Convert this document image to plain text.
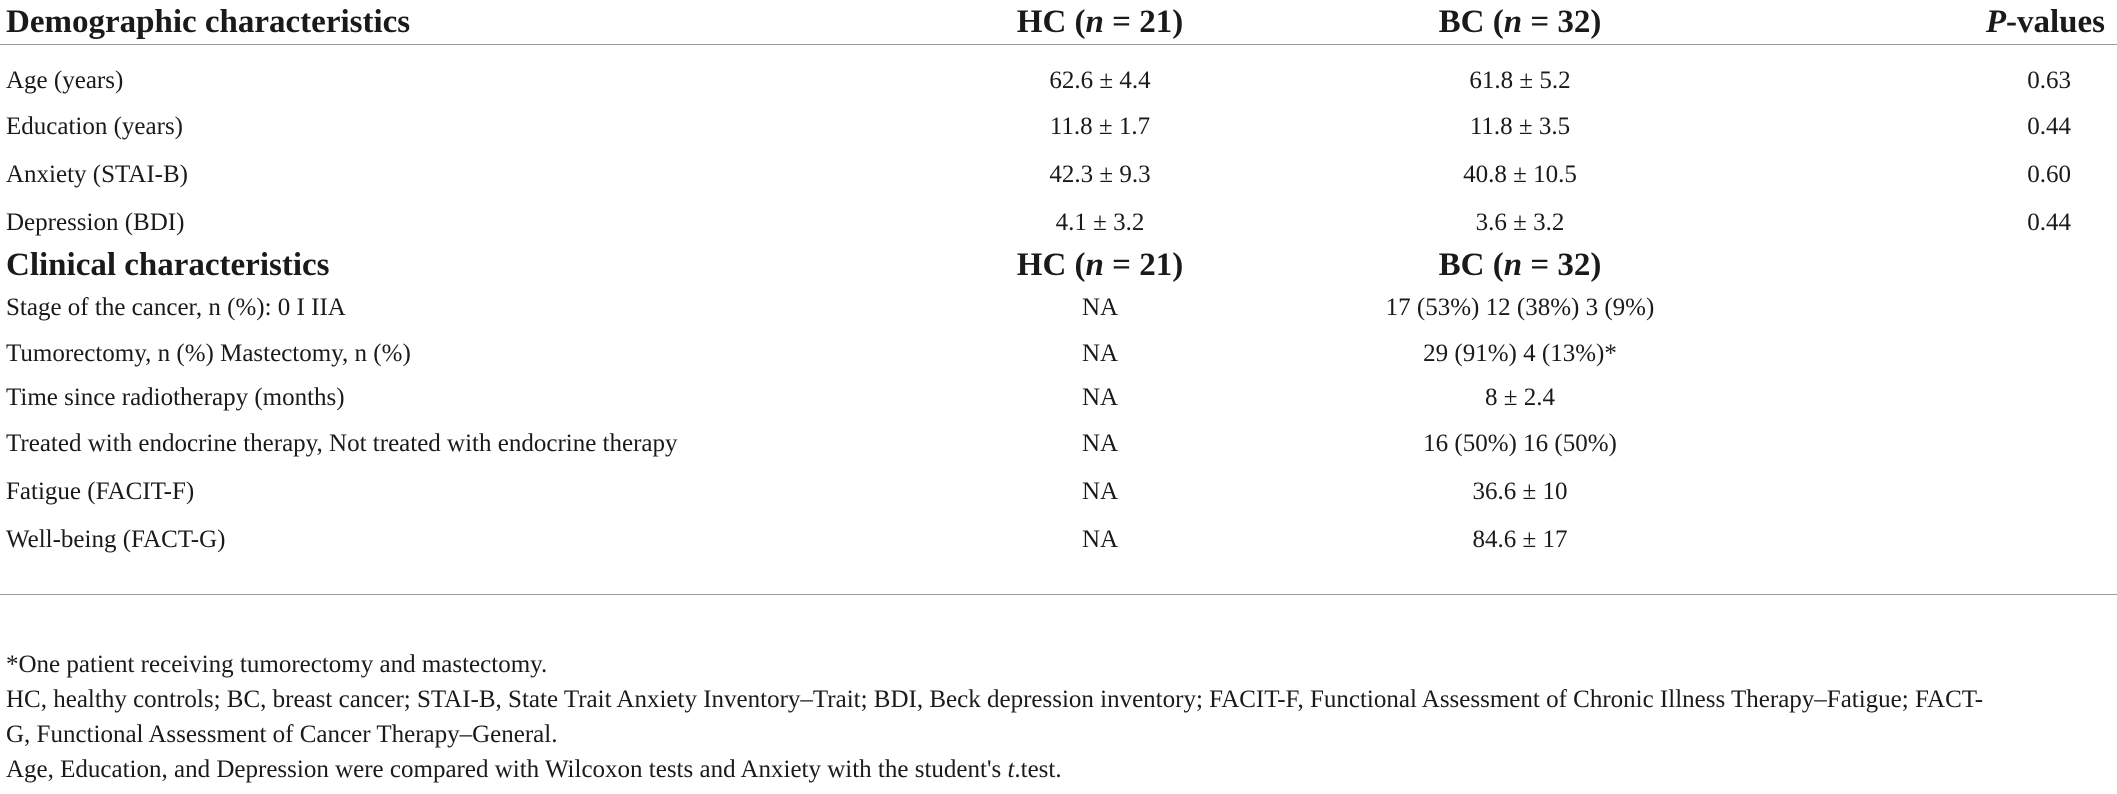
Demographic characteristics	HC (n = 21)	BC (n = 32)	P-values

Age (years)	62.6 ± 4.4	61.8 ± 5.2	0.63
Education (years)	11.8 ± 1.7	11.8 ± 3.5	0.44
Anxiety (STAI-B)	42.3 ± 9.3	40.8 ± 10.5	0.60
Depression (BDI)	4.1 ± 3.2	3.6 ± 3.2	0.44
Clinical characteristics	HC (n = 21)	BC (n = 32)	
Stage of the cancer, n (%): 0 I IIA	NA	17 (53%) 12 (38%) 3 (9%)	
Tumorectomy, n (%) Mastectomy, n (%)	NA	29 (91%) 4 (13%)*	
Time since radiotherapy (months)	NA	8 ± 2.4	
Treated with endocrine therapy, Not treated with endocrine therapy	NA	16 (50%) 16 (50%)	
Fatigue (FACIT-F)	NA	36.6 ± 10	
Well-being (FACT-G)	NA	84.6 ± 17	

*One patient receiving tumorectomy and mastectomy.

HC, healthy controls; BC, breast cancer; STAI-B, State Trait Anxiety Inventory–Trait; BDI, Beck depression inventory; FACIT-F, Functional Assessment of Chronic Illness Therapy–Fatigue; FACT-
G, Functional Assessment of Cancer Therapy–General.

Age, Education, and Depression were compared with Wilcoxon tests and Anxiety with the student's t.test.
